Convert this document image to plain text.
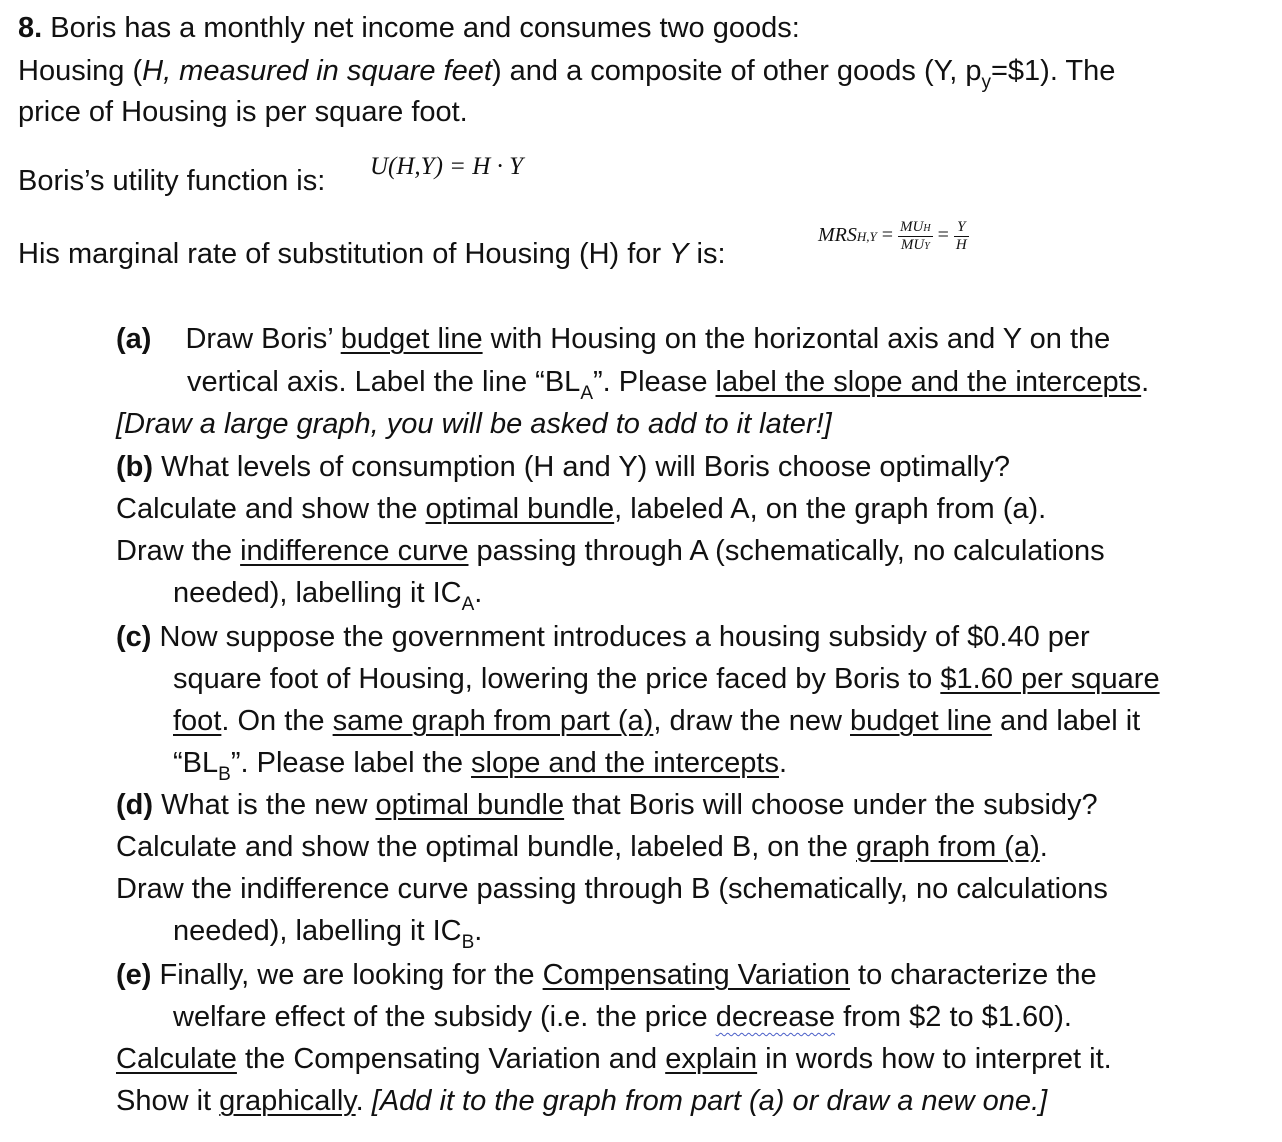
8. Boris has a monthly net income and consumes two goods:
Housing (H, measured in square feet) and a composite of other goods (Y, $p_y=\$1$). The
price of Housing is per square foot.
Boris’s utility function is: U(H,Y) = H · Y
His marginal rate of substitution of Housing (H) for Y is:
MRSH,Y = $\frac{\text{MUH}}{\text{MUY}} = \frac{Y}{H}$
(a) Draw Boris’ budget line with Housing on the horizontal axis and Y on the
vertical axis. Label the line “$BL_A$”. Please label the slope and the intercepts.
[Draw a large graph, you will be asked to add to it later!]
(b) What levels of consumption (H and Y) will Boris choose optimally?
Calculate and show the optimal bundle, labeled A, on the graph from (a).
Draw the indifference curve passing through A (schematically, no calculations
needed), labelling it $IC_A$.
(c) Now suppose the government introduces a housing subsidy of $0.40 per
square foot of Housing, lowering the price faced by Boris to $1.60 per square
foot. On the same graph from part (a), draw the new budget line and label it
“$BL_B$”. Please label the slope and the intercepts.
(d) What is the new optimal bundle that Boris will choose under the subsidy?
Calculate and show the optimal bundle, labeled B, on the graph from (a).
Draw the indifference curve passing through B (schematically, no calculations
needed), labelling it $IC_B$.
(e) Finally, we are looking for the Compensating Variation to characterize the
welfare effect of the subsidy (i.e. the price decrease from $2 to $1.60).
Calculate the Compensating Variation and explain in words how to interpret it.
Show it graphically. [Add it to the graph from part (a) or draw a new one.]
